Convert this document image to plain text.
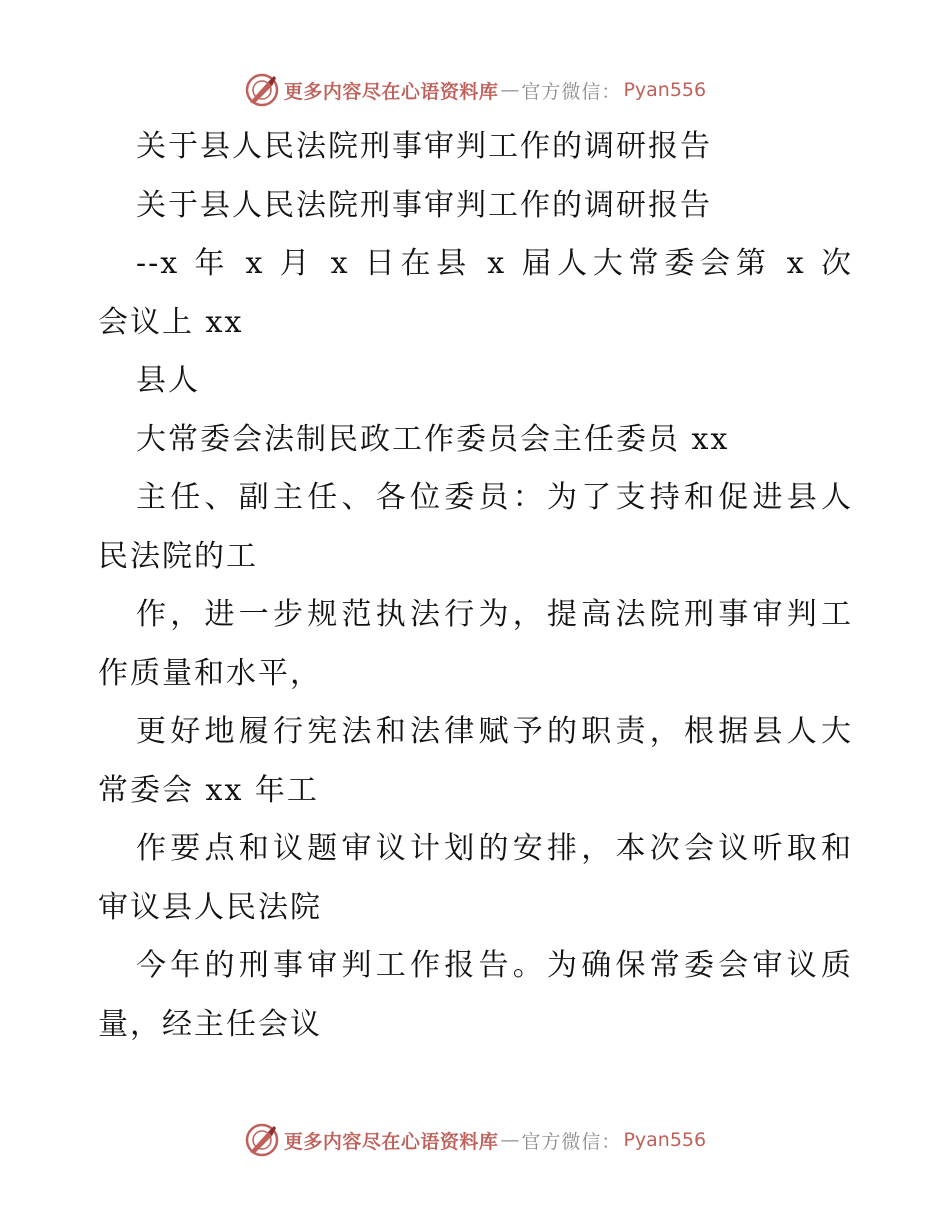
更多内容尽在心语资料库 — 官方微信： Pyan556
关于县人民法院刑事审判工作的调研报告
关于县人民法院刑事审判工作的调研报告
--x 年 x 月 x 日在县 x 届人大常委会第 x 次
会议上 xx
县人
大常委会法制民政工作委员会主任委员 xx
主任、副主任、各位委员：为了支持和促进县人
民法院的工
作，进一步规范执法行为，提高法院刑事审判工
作质量和水平，
更好地履行宪法和法律赋予的职责，根据县人大
常委会 xx 年工
作要点和议题审议计划的安排，本次会议听取和
审议县人民法院
今年的刑事审判工作报告。为确保常委会审议质
量，经主任会议
更多内容尽在心语资料库 — 官方微信： Pyan556
